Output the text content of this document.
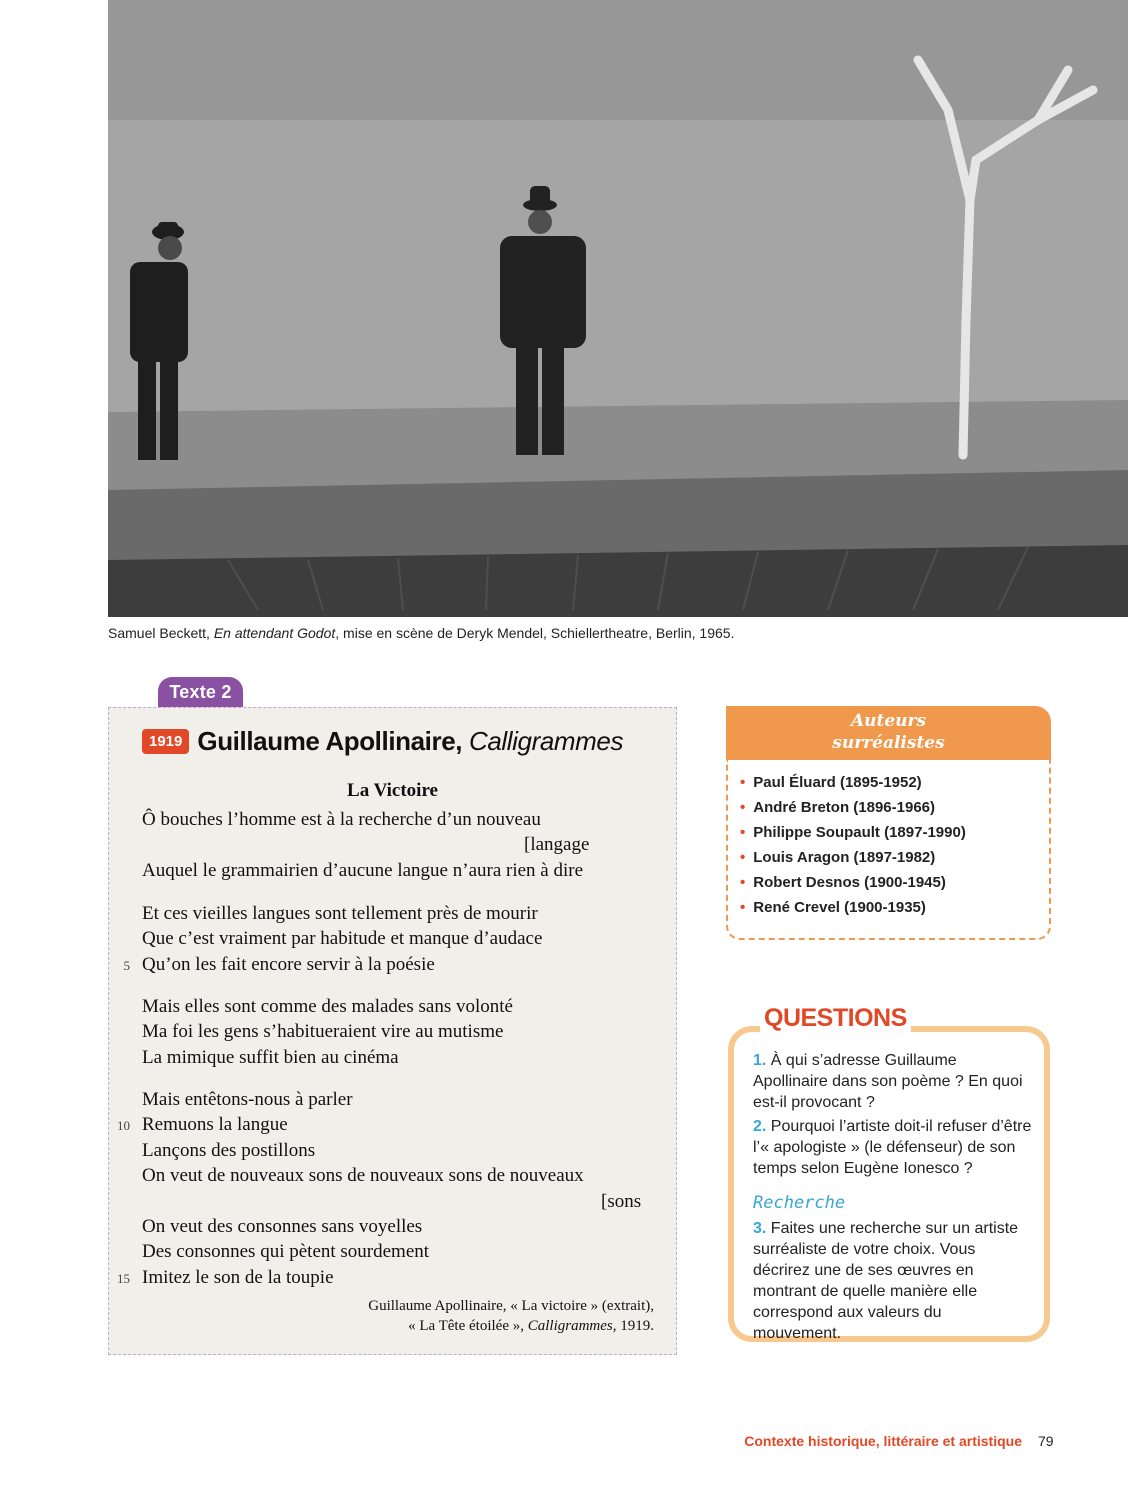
Samuel Beckett, En attendant Godot, mise en scène de Deryk Mendel, Schiellertheatre, Berlin, 1965.
Texte 2
1919 Guillaume Apollinaire, Calligrammes
La Victoire
Ô bouches l’homme est à la recherche d’un nouveau
[langage
Auquel le grammairien d’aucune langue n’aura rien à dire
Et ces vieilles langues sont tellement près de mourir
Que c’est vraiment par habitude et manque d’audace
Qu’on les fait encore servir à la poésie
5
Mais elles sont comme des malades sans volonté
Ma foi les gens s’habitueraient vire au mutisme
La mimique suffit bien au cinéma
Mais entêtons-nous à parler
Remuons la langue
10
Lançons des postillons
On veut de nouveaux sons de nouveaux sons de nouveaux
[sons
On veut des consonnes sans voyelles
Des consonnes qui pètent sourdement
Imitez le son de la toupie
15
Guillaume Apollinaire, « La victoire » (extrait),
« La Tête étoilée », Calligrammes, 1919.
Auteurs
surréalistes
• Paul Éluard (1895-1952)
• André Breton (1896-1966)
• Philippe Soupault (1897-1990)
• Louis Aragon (1897-1982)
• Robert Desnos (1900-1945)
• René Crevel (1900-1935)
QUESTIONS
1. À qui s’adresse Guillaume Apollinaire dans son poème ? En quoi est-il provocant ?
2. Pourquoi l’artiste doit-il refuser d’être l’« apologiste » (le défenseur) de son temps selon Eugène Ionesco ?
Recherche
3. Faites une recherche sur un artiste surréaliste de votre choix. Vous décrirez une de ses œuvres en montrant de quelle manière elle correspond aux valeurs du mouvement.
Contexte historique, littéraire et artistique 79
